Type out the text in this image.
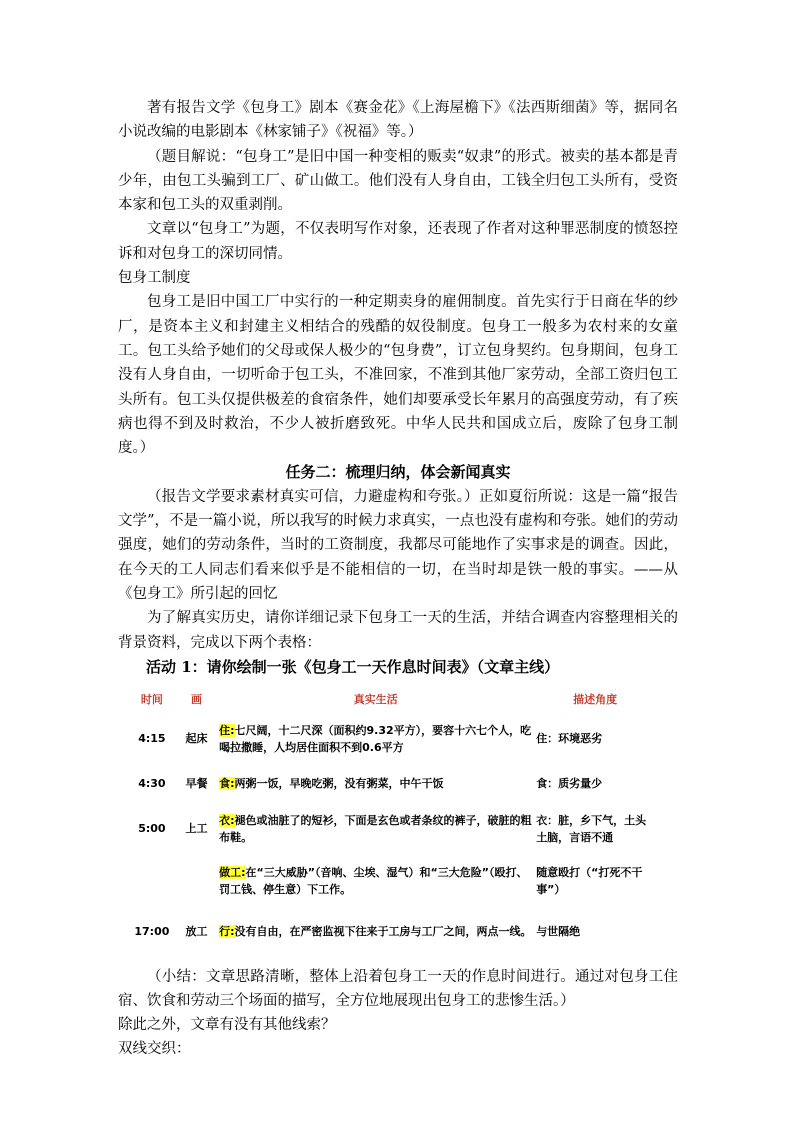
著有报告文学《包身工》剧本《赛金花》《上海屋檐下》《法西斯细菌》等，据同名小说改编的电影剧本《林家铺子》《祝福》等。）

（题目解说：“包身工”是旧中国一种变相的贩卖“奴隶”的形式。被卖的基本都是青少年，由包工头骗到工厂、矿山做工。他们没有人身自由，工钱全归包工头所有，受资本家和包工头的双重剥削。

文章以“包身工”为题，不仅表明写作对象，还表现了作者对这种罪恶制度的愤怒控诉和对包身工的深切同情。

包身工制度

包身工是旧中国工厂中实行的一种定期卖身的雇佣制度。首先实行于日商在华的纱厂，是资本主义和封建主义相结合的残酷的奴役制度。包身工一般多为农村来的女童工。包工头给予她们的父母或保人极少的“包身费”，订立包身契约。包身期间，包身工没有人身自由，一切听命于包工头，不准回家，不准到其他厂家劳动，全部工资归包工头所有。包工头仅提供极差的食宿条件，她们却要承受长年累月的高强度劳动，有了疾病也得不到及时救治，不少人被折磨致死。中华人民共和国成立后，废除了包身工制度。）

任务二：梳理归纳，体会新闻真实

（报告文学要求素材真实可信，力避虚构和夸张。）正如夏衍所说：这是一篇“报告文学”，不是一篇小说，所以我写的时候力求真实，一点也没有虚构和夸张。她们的劳动强度，她们的劳动条件，当时的工资制度，我都尽可能地作了实事求是的调查。因此，在今天的工人同志们看来似乎是不能相信的一切，在当时却是铁一般的事实。——从《包身工》所引起的回忆

为了解真实历史，请你详细记录下包身工一天的生活，并结合调查内容整理相关的背景资料，完成以下两个表格：

活动 1：请你绘制一张《包身工一天作息时间表》（文章主线）

时间	画	真实生活	描述角度
4:15	起床	住:七尺阔，十二尺深（面积约9.32平方），要容十六七个人，吃喝拉撒睡，人均居住面积不到0.6平方	住：环境恶劣
4:30	早餐	食:两粥一饭，早晚吃粥，没有粥菜，中午干饭	食：质劣量少
5:00	上工	衣:褪色或油脏了的短衫，下面是玄色或者条纹的裤子，破脏的粗布鞋。	衣：脏，乡下气，土头土脑，言语不通
		做工:在“三大威胁”（音响、尘埃、湿气）和“三大危险”（殴打、罚工钱、停生意）下工作。	随意殴打（“打死不干事”）
17:00	放工	行:没有自由，在严密监视下往来于工房与工厂之间，两点一线。	与世隔绝

（小结：文章思路清晰，整体上沿着包身工一天的作息时间进行。通过对包身工住宿、饮食和劳动三个场面的描写，全方位地展现出包身工的悲惨生活。）

除此之外，文章有没有其他线索？

双线交织：
